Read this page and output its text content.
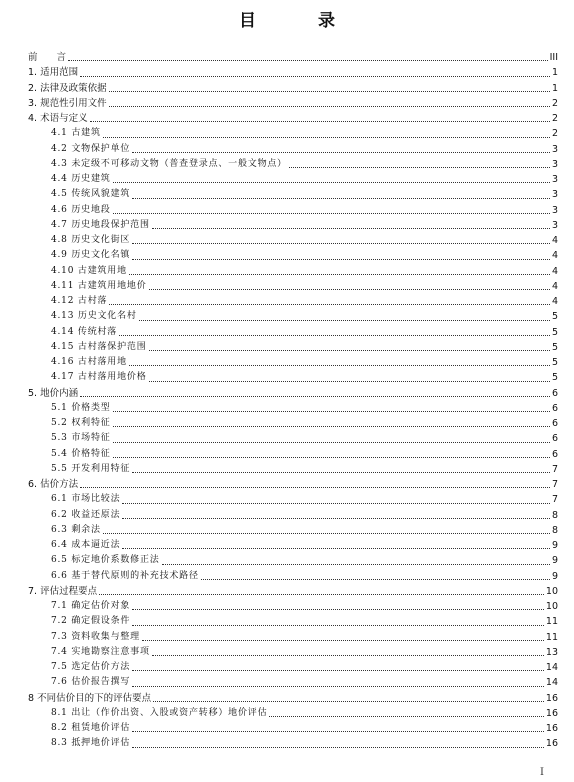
目 录
前　　言	III
1. 适用范围	1
2. 法律及政策依据	1
3. 规范性引用文件	2
4. 术语与定义	2
4.1 古建筑	2
4.2 文物保护单位	3
4.3 未定级不可移动文物（普查登录点、一般文物点）	3
4.4 历史建筑	3
4.5 传统风貌建筑	3
4.6 历史地段	3
4.7 历史地段保护范围	3
4.8 历史文化街区	4
4.9 历史文化名镇	4
4.10 古建筑用地	4
4.11 古建筑用地地价	4
4.12 古村落	4
4.13 历史文化名村	5
4.14 传统村落	5
4.15 古村落保护范围	5
4.16 古村落用地	5
4.17 古村落用地价格	5
5. 地价内涵	6
5.1 价格类型	6
5.2 权利特征	6
5.3 市场特征	6
5.4 价格特征	6
5.5 开发利用特征	7
6. 估价方法	7
6.1 市场比较法	7
6.2 收益还原法	8
6.3 剩余法	8
6.4 成本逼近法	9
6.5 标定地价系数修正法	9
6.6 基于替代原则的补充技术路径	9
7. 评估过程要点	10
7.1 确定估价对象	10
7.2 确定假设条件	11
7.3 资料收集与整理	11
7.4 实地勘察注意事项	13
7.5 选定估价方法	14
7.6 估价报告撰写	14
8 不同估价目的下的评估要点	16
8.1 出让（作价出资、入股或资产转移）地价评估	16
8.2 租赁地价评估	16
8.3 抵押地价评估	16
I
